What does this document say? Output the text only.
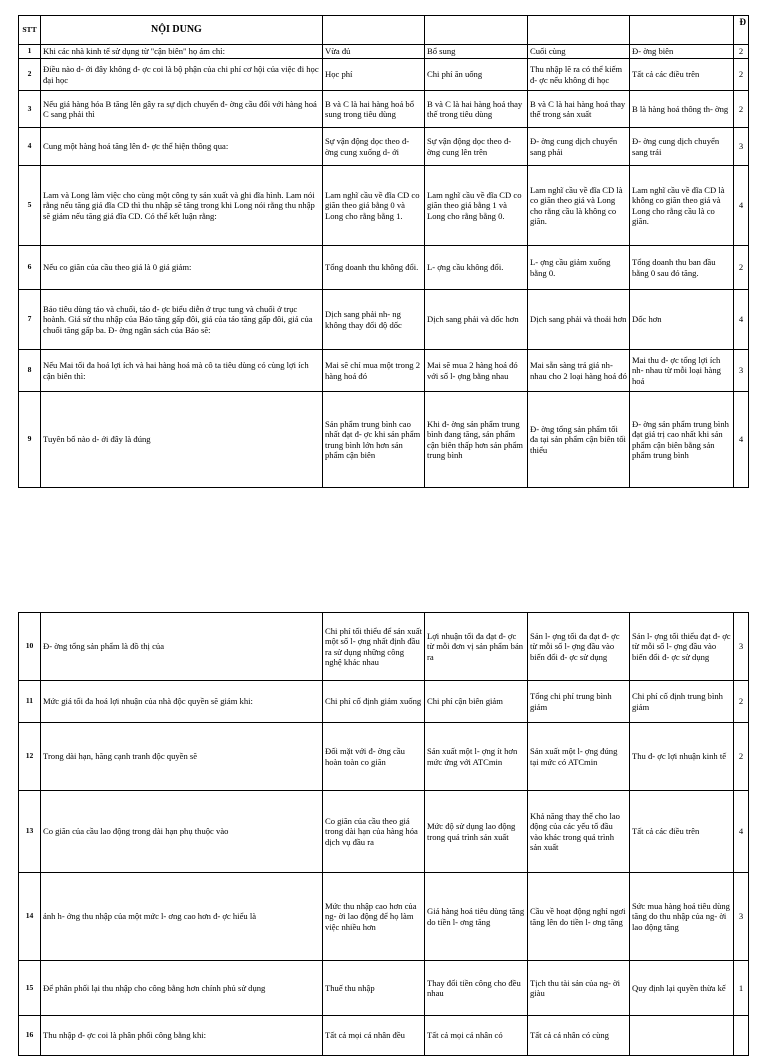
STT	NỘI DUNG					Đ
1	Khi các nhà kinh tế sử dụng từ "cận biên" họ ám chỉ:	Vừa đủ	Bổ sung	Cuối cùng	Đ- ờng biên	2
2	Điều nào d- ới đây không đ- ợc coi là bộ phận của chi phí cơ hội của việc đi học đại học	Học phí	Chi phí ăn uống	Thu nhập lẽ ra có thể kiếm đ- ợc nếu không đi học	Tất cả các điều trên	2
3	Nếu giá hàng hóa B tăng lên gây ra sự dịch chuyển đ- ờng cầu đối với hàng hoá C sang phải thì	B và C là hai hàng hoá bổ sung trong tiêu dùng	B và C là hai hàng hoá thay thế trong tiêu dùng	B và C là hai hàng hoá thay thế trong sản xuất	B là hàng hoá thông th- ờng	2
4	Cung một hàng hoá tăng lên đ- ợc thể hiện thông qua:	Sự vận động dọc theo đ- ờng cung xuống d- ới	Sự vận động dọc theo đ- ờng cung lên trên	Đ- ờng cung dịch chuyển sang phải	Đ- ờng cung dịch chuyển sang trái	3
5	Lam và Long làm việc cho cùng một công ty sản xuất và ghi đĩa hình. Lam nói rằng nếu tăng giá đĩa CD thì thu nhập sẽ tăng trong khi Long nói rằng thu nhập sẽ giảm nếu tăng giá đĩa CD. Có thể kết luận rằng:	Lam nghĩ cầu về đĩa CD co giãn theo giá bằng 0 và Long cho rằng bằng 1.	Lam nghĩ cầu về đĩa CD co giãn theo giá bằng 1 và Long cho rằng bằng 0.	Lam nghĩ cầu về đĩa CD là co giãn theo giá và Long cho rằng cầu là không co giãn.	Lam nghĩ cầu về đĩa CD là không co giãn theo giá và Long cho rằng cầu là co giãn.	4
6	Nếu co giãn của cầu theo giá là 0 giá giảm:	Tổng doanh thu không đổi.	L- ợng cầu không đổi.	L- ợng cầu giảm xuống bằng 0.	Tổng doanh thu ban đầu bằng 0 sau đó tăng.	2
7	Bảo tiêu dùng táo và chuối, táo đ- ợc biểu diễn ở trục tung và chuối ở trục hoành. Giả sử thu nhập của Bảo tăng gấp đôi, giá của táo tăng gấp đôi, giá của chuối tăng gấp ba. Đ- ờng ngân sách của Bảo sẽ:	Dịch sang phải nh- ng không thay đổi độ dốc	Dịch sang phải và dốc hơn	Dịch sang phải và thoải hơn	Dốc hơn	4
8	Nếu Mai tối đa hoá lợi ích và hai hàng hoá mà cô ta tiêu dùng có cùng lợi ích cận biên thì:	Mai sẽ chỉ mua một trong 2 hàng hoá đó	Mai sẽ mua 2 hàng hoá đó với số l- ợng bằng nhau	Mai sẵn sàng trả giá nh- nhau cho 2 loại hàng hoá đó	Mai thu đ- ợc tổng lợi ích nh- nhau từ mỗi loại hàng hoá	3
9	Tuyên bố nào d- ới đây là đúng	Sản phẩm trung bình cao nhất đạt đ- ợc khi sản phẩm trung bình lớn hơn sản phẩm cận biên	Khi đ- ờng sản phẩm trung bình đang tăng, sản phẩm cận biên thấp hơn sản phẩm trung bình	Đ- ờng tổng sản phẩm tối đa tại sản phẩm cận biên tối thiểu	Đ- ờng sản phẩm trung bình đạt giá trị cao nhất khi sản phẩm cận biên bằng sản phẩm trung bình	4
10	Đ- ờng tổng sản phẩm là đồ thị của	Chi phí tối thiểu để sản xuất một số l- ợng nhất định đầu ra sử dụng những công nghệ khác nhau	Lợi nhuận tối đa đạt đ- ợc từ mỗi đơn vị sản phẩm bán ra	Sản l- ợng tối đa đạt đ- ợc từ mỗi số l- ợng đầu vào biến đổi đ- ợc sử dụng	Sản l- ợng tối thiểu đạt đ- ợc từ mỗi số l- ợng đầu vào biến đổi đ- ợc sử dụng	3
11	Mức giá tối đa hoá lợi nhuận của nhà độc quyền sẽ giảm khi:	Chi phí cố định giảm xuống	Chi phí cận biên giảm	Tổng chi phí trung bình giảm	Chi phí cố định trung bình giảm	2
12	Trong dài hạn, hãng cạnh tranh độc quyền sẽ	Đối mặt với đ- ờng cầu hoàn toàn co giãn	Sản xuất một l- ợng ít hơn mức ứng với ATCmin	Sản xuất một l- ợng đúng tại mức có ATCmin	Thu đ- ợc lợi nhuận kinh tế	2
13	Co giãn của cầu lao động trong dài hạn phụ thuộc vào	Co giãn của cầu theo giá trong dài hạn của hàng hóa dịch vụ đầu ra	Mức độ sử dụng lao động trong quá trình sản xuất	Khả năng thay thế cho lao động của các yếu tố đầu vào khác trong quá trình sản xuất	Tất cả các điều trên	4
14	ảnh h- ởng thu nhập của một mức l- ơng cao hơn đ- ợc hiểu là	Mức thu nhập cao hơn của ng- ời lao động để họ làm việc nhiều hơn	Giá hàng hoá tiêu dùng tăng do tiền l- ơng tăng	Cầu về hoạt động nghỉ ngơi tăng lên do tiền l- ơng tăng	Sức mua hàng hoá tiêu dùng tăng do thu nhập của ng- ời lao động tăng	3
15	Để phân phối lại thu nhập cho công bằng hơn chính phủ sử dụng	Thuế thu nhập	Thay đổi tiền công cho đều nhau	Tịch thu tài sản của ng- ời giàu	Quy định lại quyền thừa kế	1
16	Thu nhập đ- ợc coi là phân phối công bằng khi:	Tất cả mọi cá nhân đều	Tất cả mọi cá nhân có	Tất cả cá nhân có cùng		
